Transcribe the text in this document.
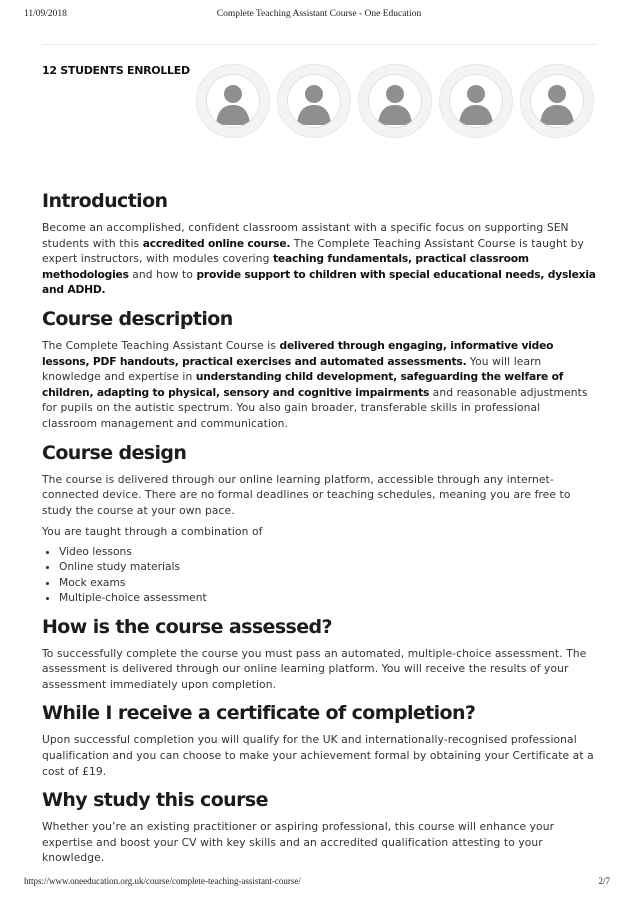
11/09/2018	Complete Teaching Assistant Course - One Education
12 STUDENTS ENROLLED
Introduction

Become an accomplished, confident classroom assistant with a specific focus on supporting SEN students with this accredited online course. The Complete Teaching Assistant Course is taught by expert instructors, with modules covering teaching fundamentals, practical classroom methodologies and how to provide support to children with special educational needs, dyslexia and ADHD.

Course description

The Complete Teaching Assistant Course is delivered through engaging, informative video lessons, PDF handouts, practical exercises and automated assessments. You will learn knowledge and expertise in understanding child development, safeguarding the welfare of children, adapting to physical, sensory and cognitive impairments and reasonable adjustments for pupils on the autistic spectrum. You also gain broader, transferable skills in professional classroom management and communication.

Course design

The course is delivered through our online learning platform, accessible through any internet-connected device. There are no formal deadlines or teaching schedules, meaning you are free to study the course at your own pace.

You are taught through a combination of

• Video lessons
• Online study materials
• Mock exams
• Multiple-choice assessment
How is the course assessed?

To successfully complete the course you must pass an automated, multiple-choice assessment. The assessment is delivered through our online learning platform. You will receive the results of your assessment immediately upon completion.

While I receive a certificate of completion?

Upon successful completion you will qualify for the UK and internationally-recognised professional qualification and you can choose to make your achievement formal by obtaining your Certificate at a cost of £19.

Why study this course

Whether you’re an existing practitioner or aspiring professional, this course will enhance your expertise and boost your CV with key skills and an accredited qualification attesting to your knowledge.

https://www.oneeducation.org.uk/course/complete-teaching-assistant-course/	2/7
